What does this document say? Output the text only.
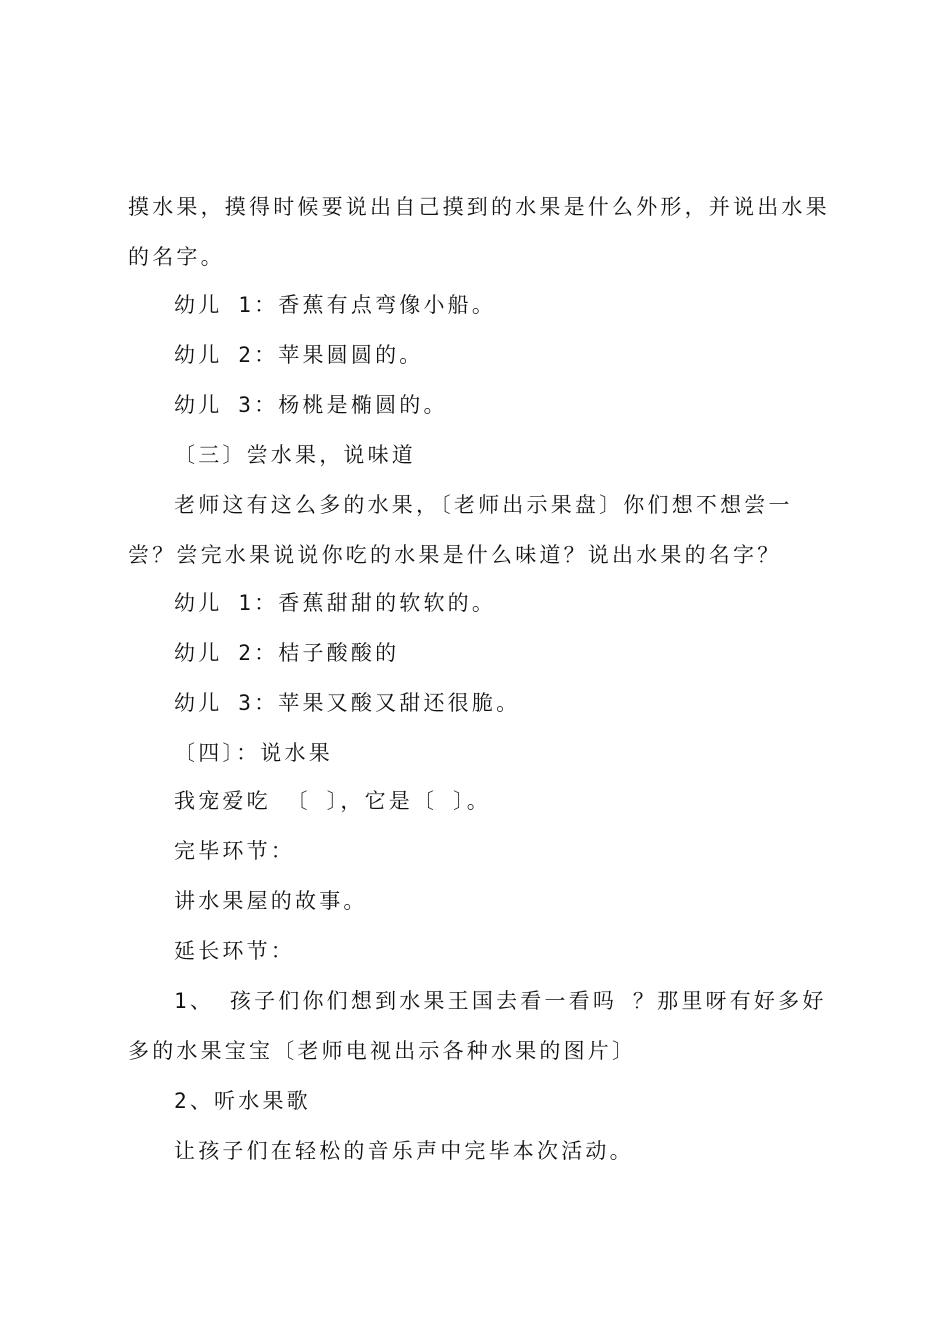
摸水果，摸得时候要说出自己摸到的水果是什么外形，并说出水果的名字。

幼儿 1：香蕉有点弯像小船。

幼儿 2：苹果圆圆的。

幼儿 3：杨桃是椭圆的。

〔三〕尝水果，说味道

老师这有这么多的水果，〔老师出示果盘〕你们想不想尝一尝？尝完水果说说你吃的水果是什么味道？说出水果的名字？

幼儿 1：香蕉甜甜的软软的。

幼儿 2：桔子酸酸的

幼儿 3：苹果又酸又甜还很脆。

〔四〕：说水果

我宠爱吃 〔 〕，它是〔 〕。

完毕环节：

讲水果屋的故事。

延长环节：

1、 孩子们你们想到水果王国去看一看吗 ？那里呀有好多好多的水果宝宝〔老师电视出示各种水果的图片〕

2、听水果歌

让孩子们在轻松的音乐声中完毕本次活动。
